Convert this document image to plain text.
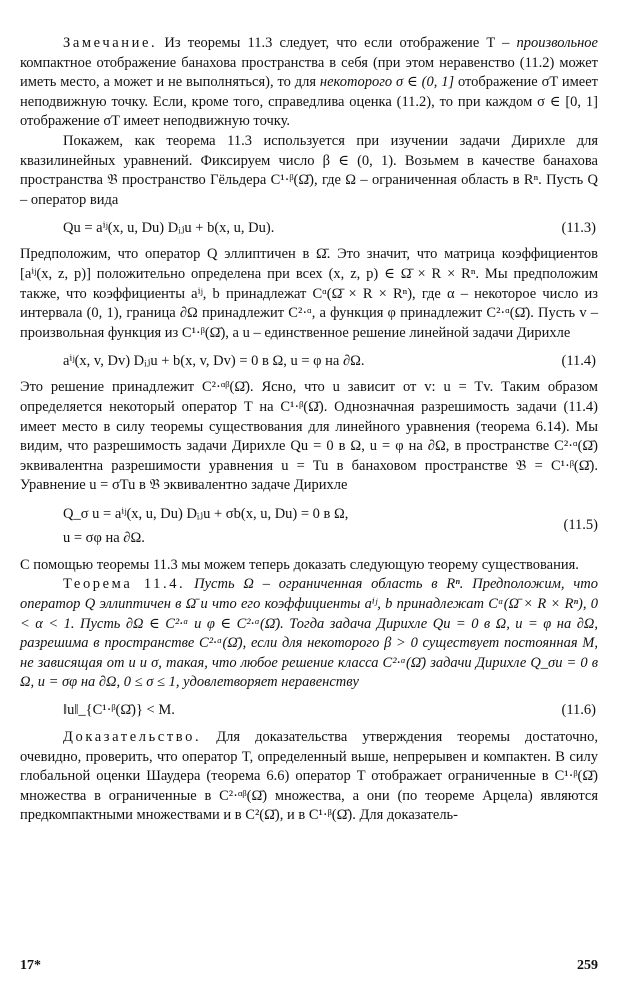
Замечание. Из теоремы 11.3 следует, что если отображение T – произвольное компактное отображение банахова пространства в себя (при этом неравенство (11.2) может иметь место, а может и не выполняться), то для некоторого σ ∈ (0, 1] отображение σT имеет неподвижную точку. Если, кроме того, справедлива оценка (11.2), то при каждом σ ∈ [0, 1] отображение σT имеет неподвижную точку.

Покажем, как теорема 11.3 используется при изучении задачи Дирихле для квазилинейных уравнений. Фиксируем число β ∈ (0, 1). Возьмем в качестве банахова пространства 𝔅 пространство Гёльдера C¹·ᵝ(Ω̄), где Ω – ограниченная область в Rⁿ. Пусть Q – оператор вида

Qu = aⁱʲ(x, u, Du) Dᵢⱼu + b(x, u, Du).	(11.3)

Предположим, что оператор Q эллиптичен в Ω̄. Это значит, что матрица коэффициентов [aⁱʲ(x, z, p)] положительно определена при всех (x, z, p) ∈ Ω̄ × R × Rⁿ. Мы предположим также, что коэффициенты aⁱʲ, b принадлежат Cᵅ(Ω̄ × R × Rⁿ), где α – некоторое число из интервала (0, 1), граница ∂Ω принадлежит C²·ᵅ, а функция φ принадлежит C²·ᵅ(Ω̄). Пусть v – произвольная функция из C¹·ᵝ(Ω̄), а u – единственное решение линейной задачи Дирихле

aⁱʲ(x, v, Dv) Dᵢⱼu + b(x, v, Dv) = 0 в Ω, u = φ на ∂Ω.	(11.4)

Это решение принадлежит C²·ᵅᵝ(Ω̄). Ясно, что u зависит от v: u = Tv. Таким образом определяется некоторый оператор T на C¹·ᵝ(Ω̄). Однозначная разрешимость задачи (11.4) имеет место в силу теоремы существования для линейного уравнения (теорема 6.14). Мы видим, что разрешимость задачи Дирихле Qu = 0 в Ω, u = φ на ∂Ω, в пространстве C²·ᵅ(Ω̄) эквивалентна разрешимости уравнения u = Tu в банаховом пространстве 𝔅 = C¹·ᵝ(Ω̄). Уравнение u = σTu в 𝔅 эквивалентно задаче Дирихле

Q_σ u = aⁱʲ(x, u, Du) Dᵢⱼu + σb(x, u, Du) = 0 в Ω,
u = σφ на ∂Ω.
(11.5)

С помощью теоремы 11.3 мы можем теперь доказать следующую теорему существования.

Теорема 11.4. Пусть Ω – ограниченная область в Rⁿ. Предположим, что оператор Q эллиптичен в Ω̄ и что его коэффициенты aⁱʲ, b принадлежат Cᵅ(Ω̄ × R × Rⁿ), 0 < α < 1. Пусть ∂Ω ∈ C²·ᵅ и φ ∈ C²·ᵅ(Ω̄). Тогда задача Дирихле Qu = 0 в Ω, u = φ на ∂Ω, разрешима в пространстве C²·ᵅ(Ω̄), если для некоторого β > 0 существует постоянная M, не зависящая от u и σ, такая, что любое решение класса C²·ᵅ(Ω̄) задачи Дирихле Q_σu = 0 в Ω, u = σφ на ∂Ω, 0 ≤ σ ≤ 1, удовлетворяет неравенству

‖u‖_{C¹·ᵝ(Ω̄)} < M.	(11.6)

Доказательство. Для доказательства утверждения теоремы достаточно, очевидно, проверить, что оператор T, определенный выше, непрерывен и компактен. В силу глобальной оценки Шаудера (теорема 6.6) оператор T отображает ограниченные в C¹·ᵝ(Ω̄) множества в ограниченные в C²·ᵅᵝ(Ω̄) множества, а они (по теореме Арцела) являются предкомпактными множествами и в C²(Ω̄), и в C¹·ᵝ(Ω̄). Для доказатель-

17*	259
